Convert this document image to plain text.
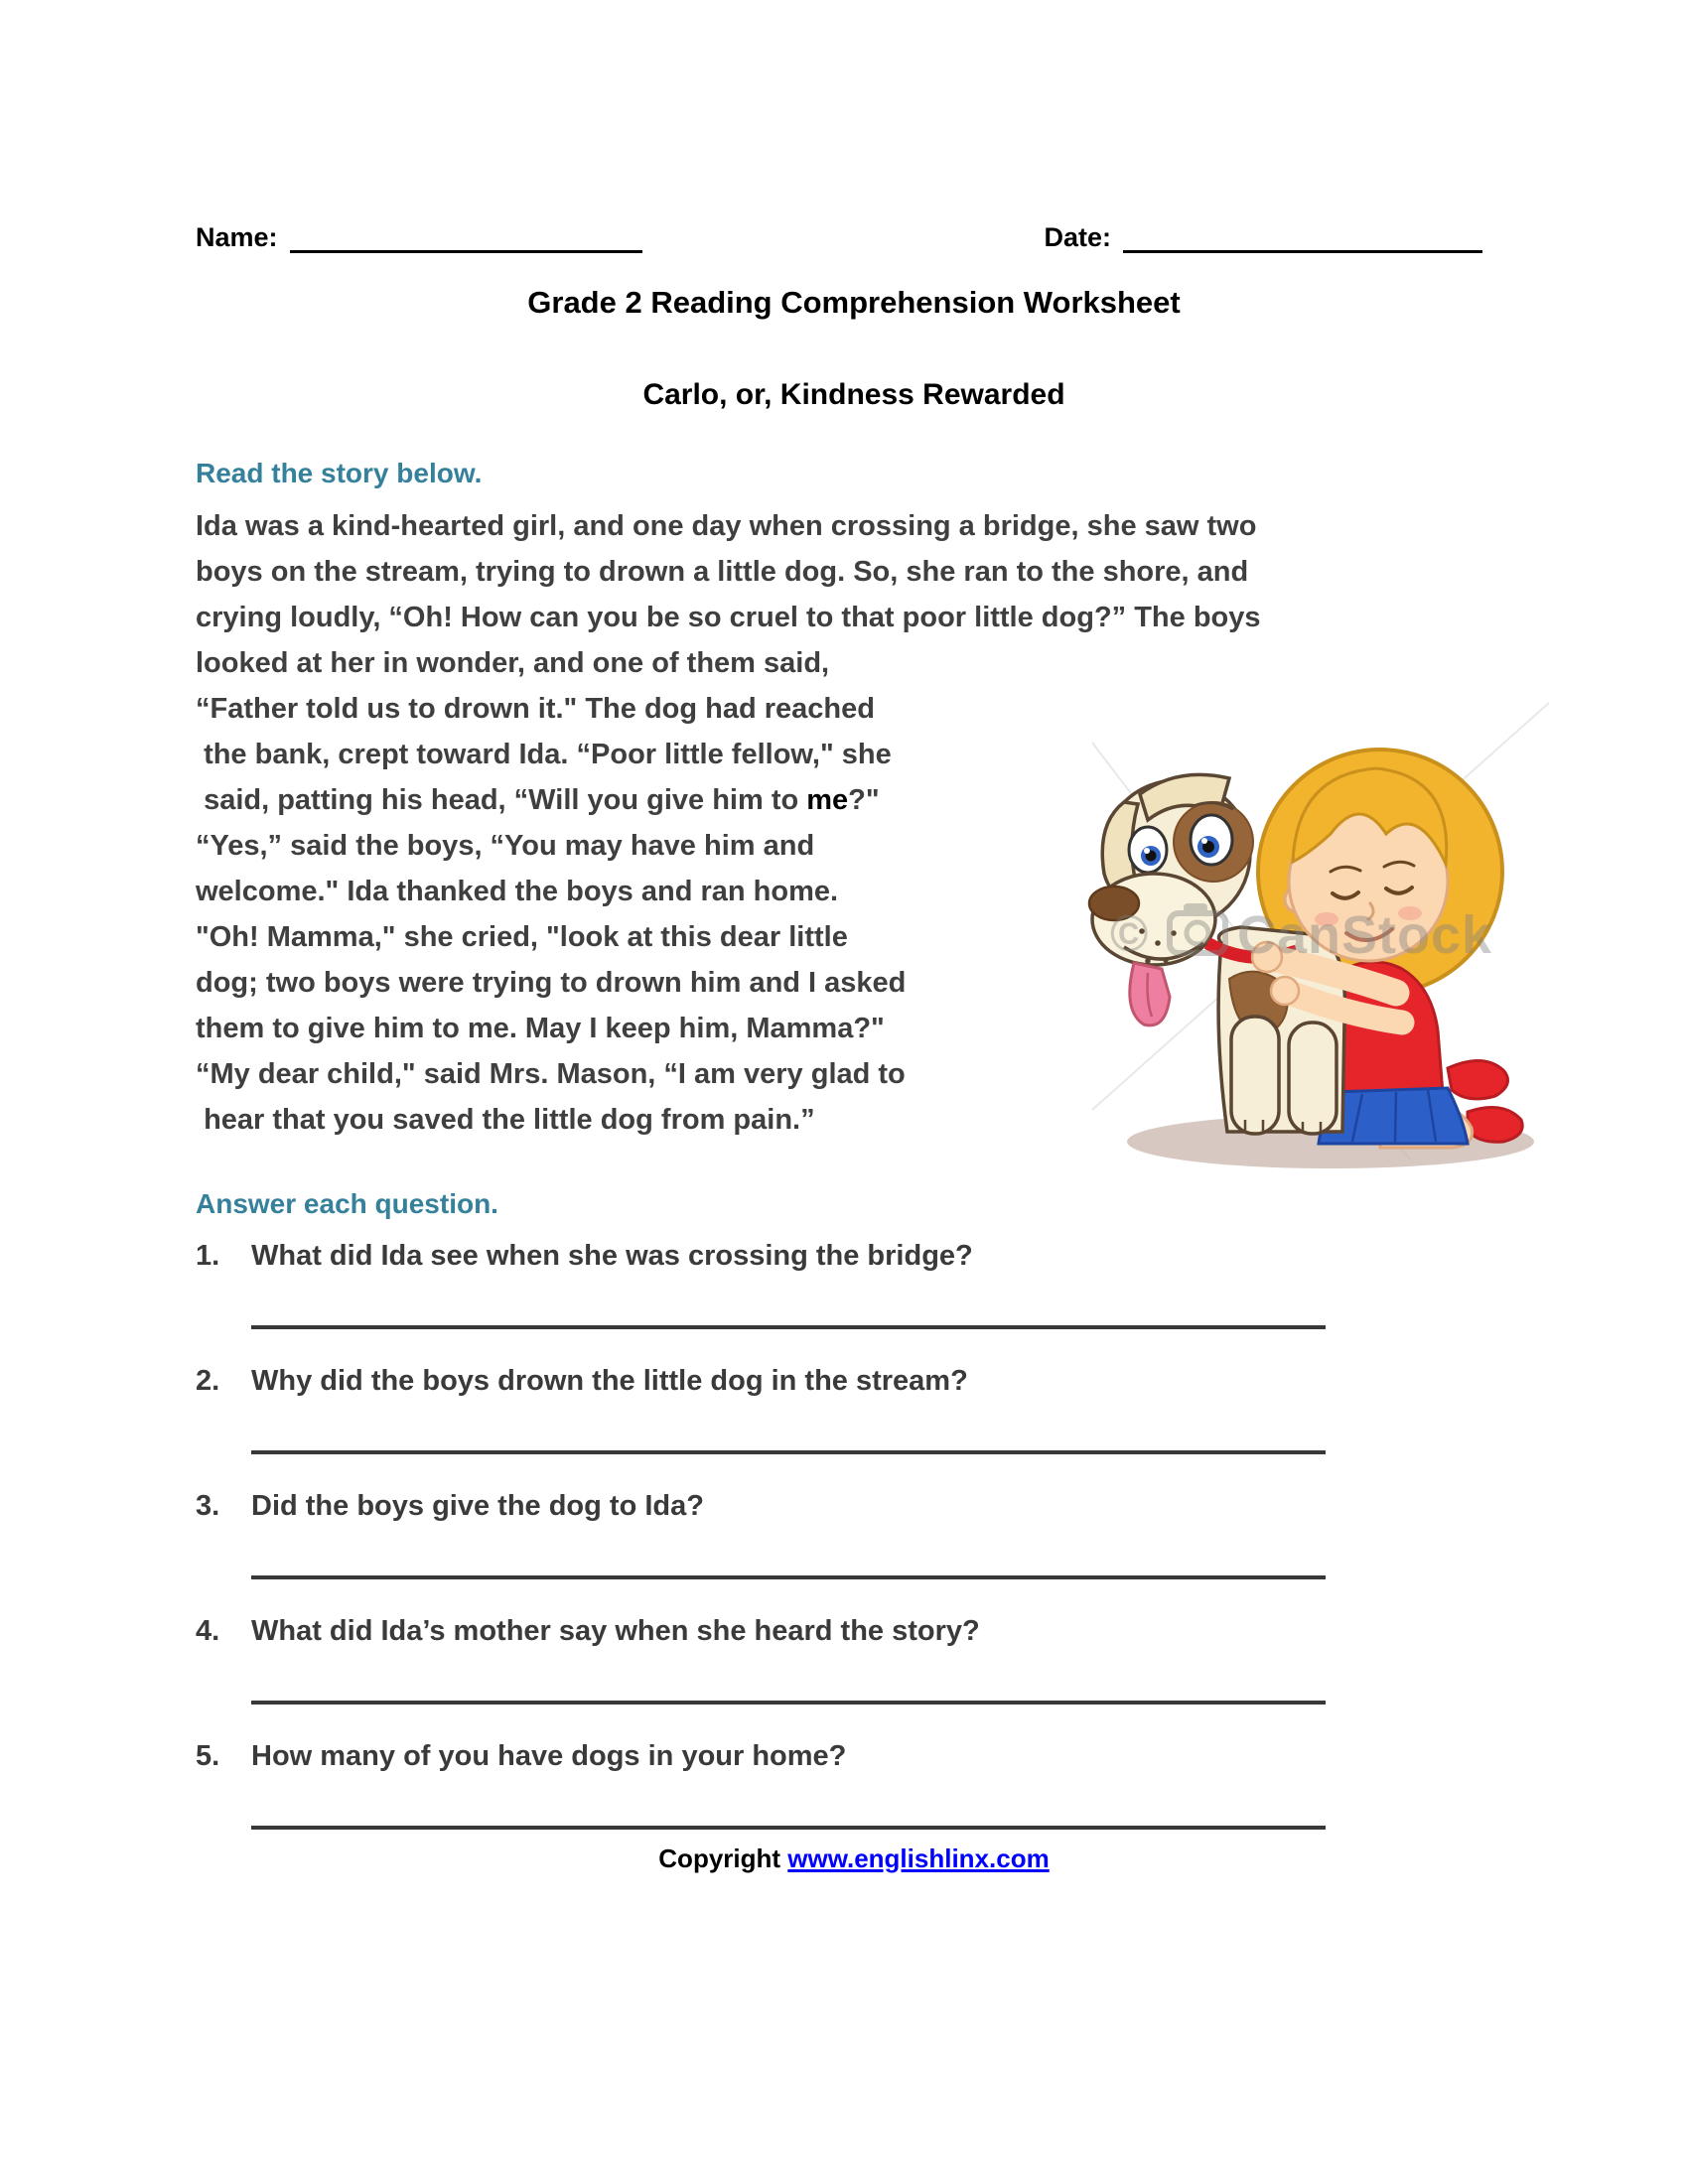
Name:	Date:
Grade 2 Reading Comprehension Worksheet
Carlo, or, Kindness Rewarded
Read the story below.
Ida was a kind-hearted girl, and one day when crossing a bridge, she saw two
boys on the stream, trying to drown a little dog. So, she ran to the shore, and
crying loudly, “Oh! How can you be so cruel to that poor little dog?” The boys
looked at her in wonder, and one of them said,
“Father told us to drown it." The dog had reached
the bank, crept toward Ida. “Poor little fellow," she
said, patting his head, “Will you give him to me?"
“Yes,” said the boys, “You may have him and
welcome." Ida thanked the boys and ran home.
"Oh! Mamma," she cried, "look at this dear little
dog; two boys were trying to drown him and I asked
them to give him to me. May I keep him, Mamma?"
“My dear child," said Mrs. Mason, “I am very glad to
hear that you saved the little dog from pain.”
Answer each question.
1. What did Ida see when she was crossing the bridge?
2. Why did the boys drown the little dog in the stream?
3. Did the boys give the dog to Ida?
4. What did Ida’s mother say when she heard the story?
5. How many of you have dogs in your home?
Copyright www.englishlinx.com
© CanStock
